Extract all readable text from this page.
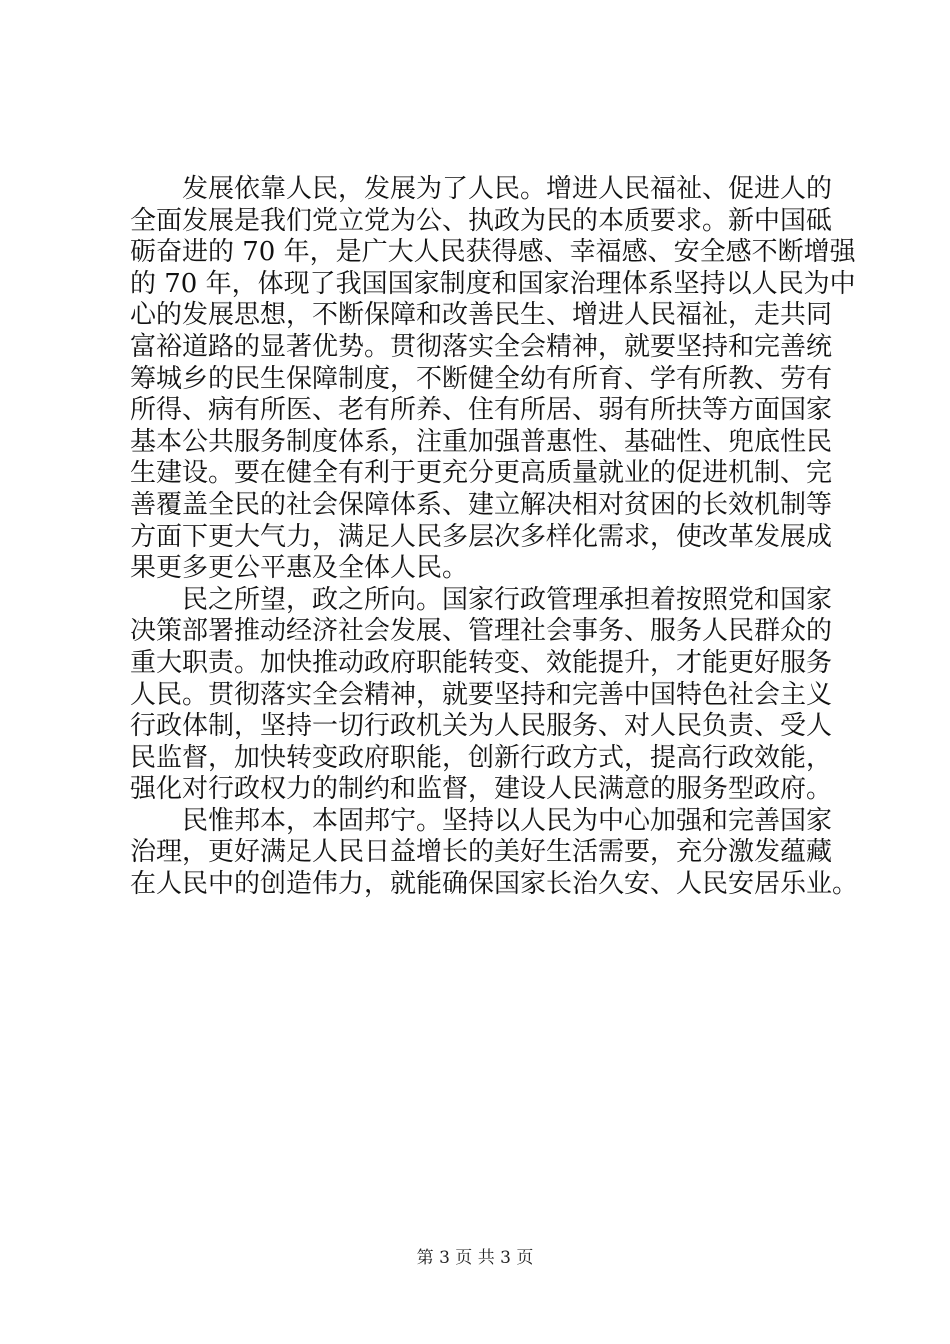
发展依靠人民，发展为了人民。增进人民福祉、促进人的
全面发展是我们党立党为公、执政为民的本质要求。新中国砥
砺奋进的 70 年，是广大人民获得感、幸福感、安全感不断增强
的 70 年，体现了我国国家制度和国家治理体系坚持以人民为中
心的发展思想，不断保障和改善民生、增进人民福祉，走共同
富裕道路的显著优势。贯彻落实全会精神，就要坚持和完善统
筹城乡的民生保障制度，不断健全幼有所育、学有所教、劳有
所得、病有所医、老有所养、住有所居、弱有所扶等方面国家
基本公共服务制度体系，注重加强普惠性、基础性、兜底性民
生建设。要在健全有利于更充分更高质量就业的促进机制、完
善覆盖全民的社会保障体系、建立解决相对贫困的长效机制等
方面下更大气力，满足人民多层次多样化需求，使改革发展成
果更多更公平惠及全体人民。
民之所望，政之所向。国家行政管理承担着按照党和国家
决策部署推动经济社会发展、管理社会事务、服务人民群众的
重大职责。加快推动政府职能转变、效能提升，才能更好服务
人民。贯彻落实全会精神，就要坚持和完善中国特色社会主义
行政体制，坚持一切行政机关为人民服务、对人民负责、受人
民监督，加快转变政府职能，创新行政方式，提高行政效能，
强化对行政权力的制约和监督，建设人民满意的服务型政府。
民惟邦本，本固邦宁。坚持以人民为中心加强和完善国家
治理，更好满足人民日益增长的美好生活需要，充分激发蕴藏
在人民中的创造伟力，就能确保国家长治久安、人民安居乐业。
第 3 页 共 3 页
